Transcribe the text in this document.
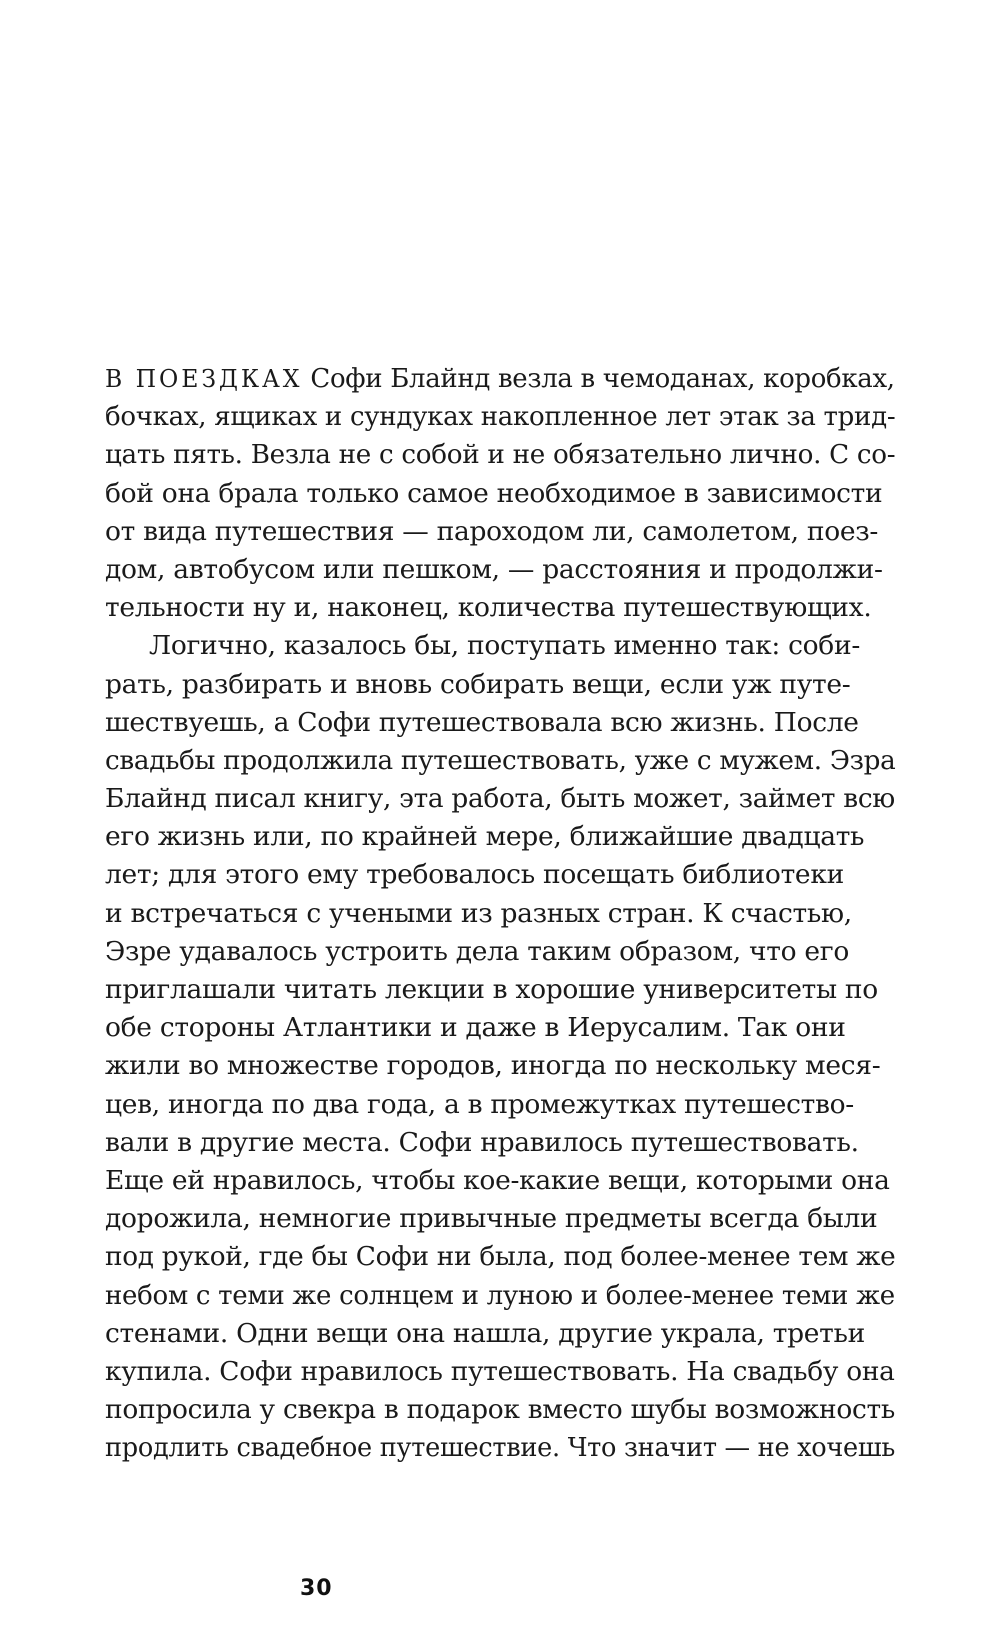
В ПОЕЗДКАХ Софи Блайнд везла в чемоданах, коробках,
бочках, ящиках и сундуках накопленное лет этак за трид-
цать пять. Везла не с собой и не обязательно лично. С со-
бой она брала только самое необходимое в зависимости
от вида путешествия — пароходом ли, самолетом, поез-
дом, автобусом или пешком, — расстояния и продолжи-
тельности ну и, наконец, количества путешествующих.
Логично, казалось бы, поступать именно так: соби-
рать, разбирать и вновь собирать вещи, если уж путе-
шествуешь, а Софи путешествовала всю жизнь. После
свадьбы продолжила путешествовать, уже с мужем. Эзра
Блайнд писал книгу, эта работа, быть может, займет всю
его жизнь или, по крайней мере, ближайшие двадцать
лет; для этого ему требовалось посещать библиотеки
и встречаться с учеными из разных стран. К счастью,
Эзре удавалось устроить дела таким образом, что его
приглашали читать лекции в хорошие университеты по
обе стороны Атлантики и даже в Иерусалим. Так они
жили во множестве городов, иногда по нескольку меся-
цев, иногда по два года, а в промежутках путешество-
вали в другие места. Софи нравилось путешествовать.
Еще ей нравилось, чтобы кое-какие вещи, которыми она
дорожила, немногие привычные предметы всегда были
под рукой, где бы Софи ни была, под более-менее тем же
небом с теми же солнцем и луною и более-менее теми же
стенами. Одни вещи она нашла, другие украла, третьи
купила. Софи нравилось путешествовать. На свадьбу она
попросила у свекра в подарок вместо шубы возможность
продлить свадебное путешествие. Что значит — не хочешь
30
